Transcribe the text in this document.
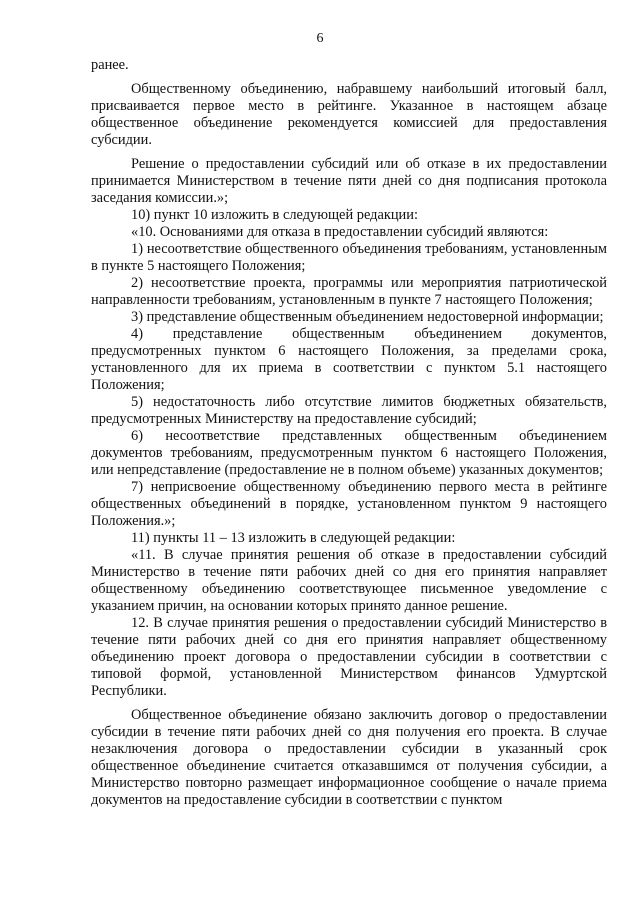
6

ранее.

Общественному объединению, набравшему наибольший итоговый балл, присваивается первое место в рейтинге. Указанное в настоящем абзаце общественное объединение рекомендуется комиссией для предоставления субсидии.

Решение о предоставлении субсидий или об отказе в их предоставлении принимается Министерством в течение пяти дней со дня подписания протокола заседания комиссии.»;

10) пункт 10 изложить в следующей редакции:

«10. Основаниями для отказа в предоставлении субсидий являются:

1) несоответствие общественного объединения требованиям, установленным в пункте 5 настоящего Положения;

2) несоответствие проекта, программы или мероприятия патриотической направленности требованиям, установленным в пункте 7 настоящего Положения;

3) представление общественным объединением недостоверной информации;

4) представление общественным объединением документов, предусмотренных пунктом 6 настоящего Положения, за пределами срока, установленного для их приема в соответствии с пунктом 5.1 настоящего Положения;

5) недостаточность либо отсутствие лимитов бюджетных обязательств, предусмотренных Министерству на предоставление субсидий;

6) несоответствие представленных общественным объединением документов требованиям, предусмотренным пунктом 6 настоящего Положения, или непредставление (предоставление не в полном объеме) указанных документов;

7) неприсвоение общественному объединению первого места в рейтинге общественных объединений в порядке, установленном пунктом 9 настоящего Положения.»;

11) пункты 11 – 13 изложить в следующей редакции:

«11. В случае принятия решения об отказе в предоставлении субсидий Министерство в течение пяти рабочих дней со дня его принятия направляет общественному объединению соответствующее письменное уведомление с указанием причин, на основании которых принято данное решение.

12. В случае принятия решения о предоставлении субсидий Министерство в течение пяти рабочих дней со дня его принятия направляет общественному объединению проект договора о предоставлении субсидии в соответствии с типовой формой, установленной Министерством финансов Удмуртской Республики.

Общественное объединение обязано заключить договор о предоставлении субсидии в течение пяти рабочих дней со дня получения его проекта. В случае незаключения договора о предоставлении субсидии в указанный срок общественное объединение считается отказавшимся от получения субсидии, а Министерство повторно размещает информационное сообщение о начале приема документов на предоставление субсидии в соответствии с пунктом
